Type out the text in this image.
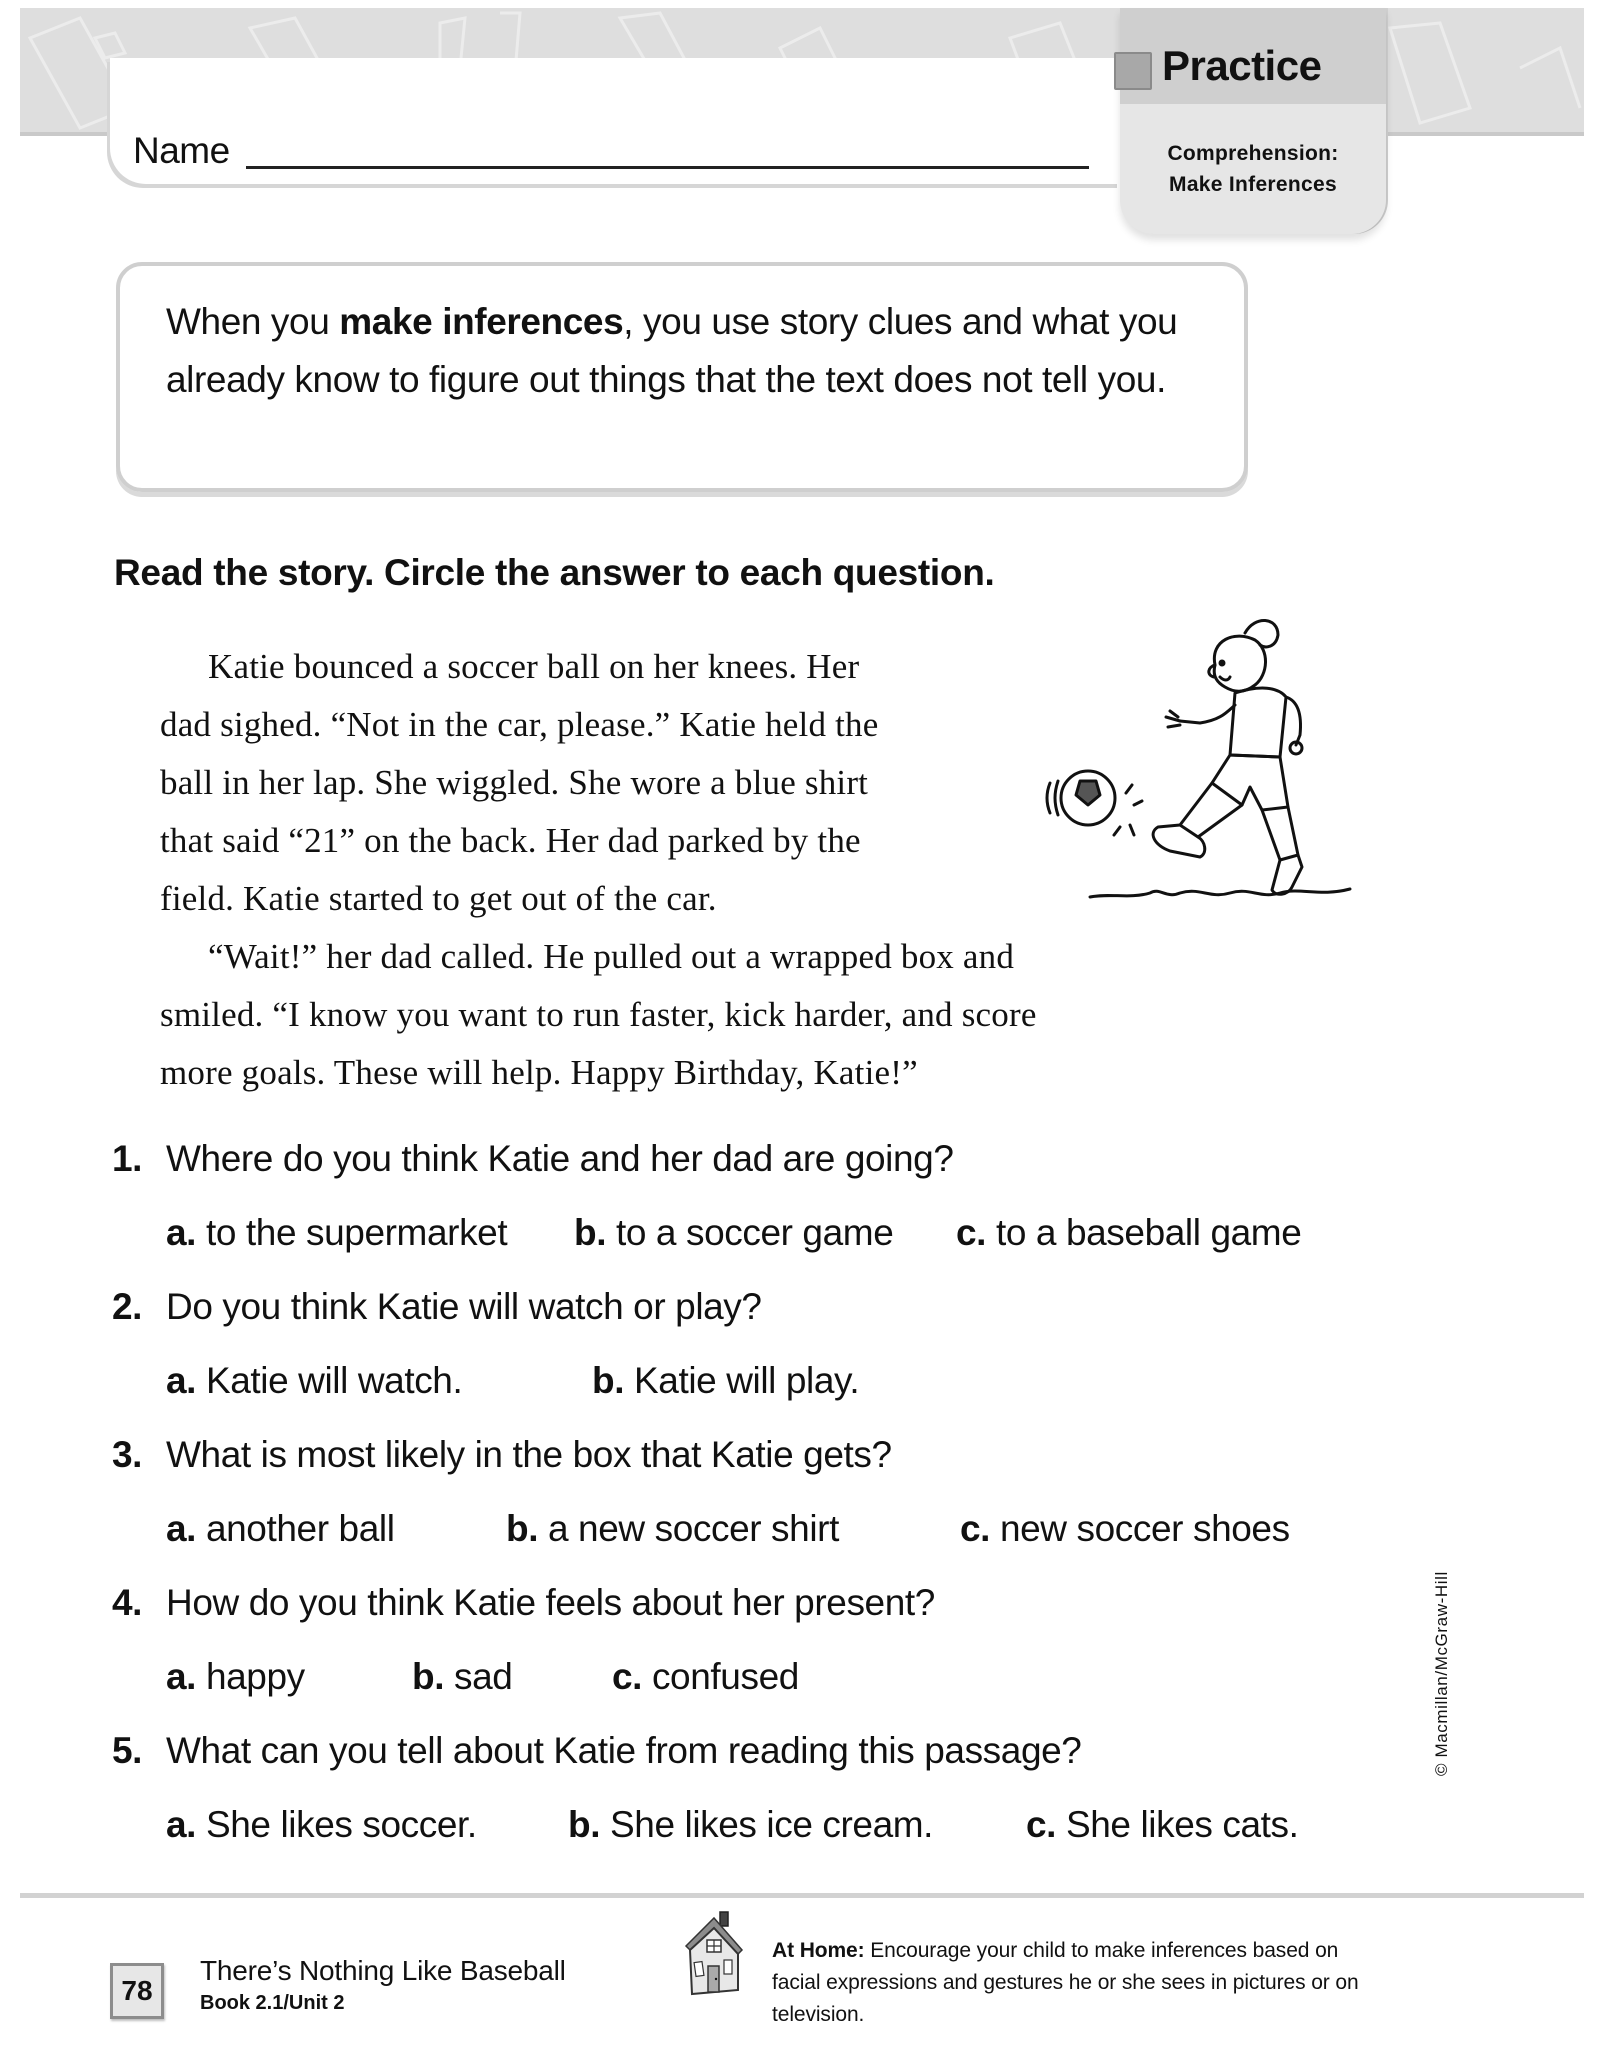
Name
Practice
Comprehension:
Make Inferences
When you make inferences, you use story clues and what you already know to figure out things that the text does not tell you.
Read the story. Circle the answer to each question.
Katie bounced a soccer ball on her knees. Her
dad sighed. “Not in the car, please.” Katie held the
ball in her lap. She wiggled. She wore a blue shirt
that said “21” on the back. Her dad parked by the
field. Katie started to get out of the car.
“Wait!” her dad called. He pulled out a wrapped box and
smiled. “I know you want to run faster, kick harder, and score
more goals. These will help. Happy Birthday, Katie!”
1. Where do you think Katie and her dad are going?
a. to the supermarket b. to a soccer game c. to a baseball game
2. Do you think Katie will watch or play?
a. Katie will watch.	b. Katie will play.
3. What is most likely in the box that Katie gets?
a. another ball	b. a new soccer shirt	c. new soccer shoes
4. How do you think Katie feels about her present?
a. happy	b. sad	c. confused
5. What can you tell about Katie from reading this passage?
a. She likes soccer. b. She likes ice cream.	c. She likes cats.
© Macmillan/McGraw-Hill
78
There’s Nothing Like Baseball
Book 2.1/Unit 2
At Home: Encourage your child to make inferences based on facial expressions and gestures he or she sees in pictures or on television.
